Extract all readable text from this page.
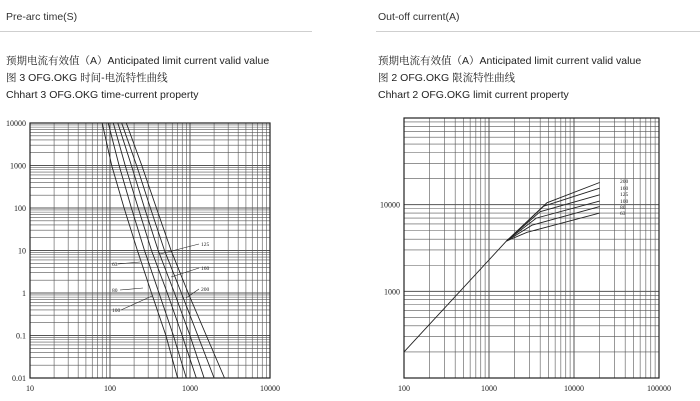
Pre-arc time(S)	Out-off current(A)
预期电流有效值（A）Anticipated limit current valid value
图 3 OFG.OKG 时间-电流特性曲线
Chhart 3 OFG.OKG time-current property
预期电流有效值（A）Anticipated limit current valid value
图 2 OFG.OKG 限流特性曲线
Chhart 2 OFG.OKG limit current property
10	100	1000	10000
10000
1000
100
10
1
0.1
0.01
63
80
100
125
160
200
100	1000	10000	100000
10000
1000
200
160
125
100
80
63
